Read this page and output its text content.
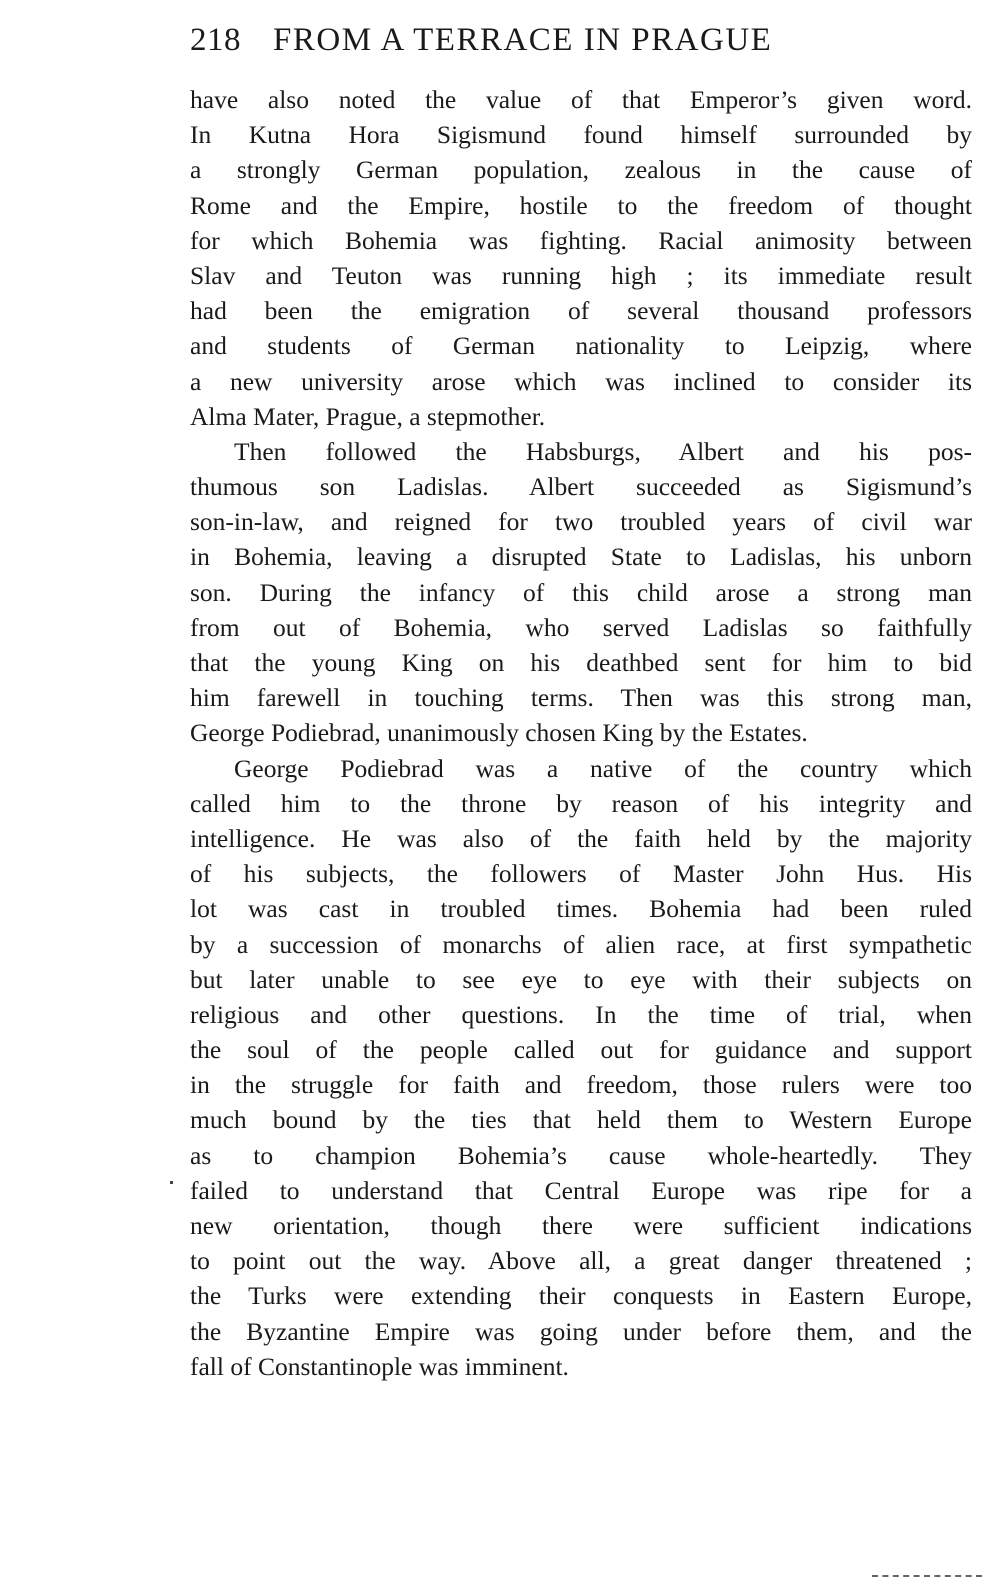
218 FROM A TERRACE IN PRAGUE
have also noted the value of that Emperor’s given word.
In Kutna Hora Sigismund found himself surrounded by
a strongly German population, zealous in the cause of
Rome and the Empire, hostile to the freedom of thought
for which Bohemia was fighting. Racial animosity between
Slav and Teuton was running high ; its immediate result
had been the emigration of several thousand professors
and students of German nationality to Leipzig, where
a new university arose which was inclined to consider its
Alma Mater, Prague, a stepmother.
Then followed the Habsburgs, Albert and his pos-
thumous son Ladislas. Albert succeeded as Sigismund’s
son-in-law, and reigned for two troubled years of civil war
in Bohemia, leaving a disrupted State to Ladislas, his unborn
son. During the infancy of this child arose a strong man
from out of Bohemia, who served Ladislas so faithfully
that the young King on his deathbed sent for him to bid
him farewell in touching terms. Then was this strong man,
George Podiebrad, unanimously chosen King by the Estates.
George Podiebrad was a native of the country which
called him to the throne by reason of his integrity and
intelligence. He was also of the faith held by the majority
of his subjects, the followers of Master John Hus. His
lot was cast in troubled times. Bohemia had been ruled
by a succession of monarchs of alien race, at first sympathetic
but later unable to see eye to eye with their subjects on
religious and other questions. In the time of trial, when
the soul of the people called out for guidance and support
in the struggle for faith and freedom, those rulers were too
much bound by the ties that held them to Western Europe
as to champion Bohemia’s cause whole-heartedly. They
failed to understand that Central Europe was ripe for a
new orientation, though there were sufficient indications
to point out the way. Above all, a great danger threatened ;
the Turks were extending their conquests in Eastern Europe,
the Byzantine Empire was going under before them, and the
fall of Constantinople was imminent.
